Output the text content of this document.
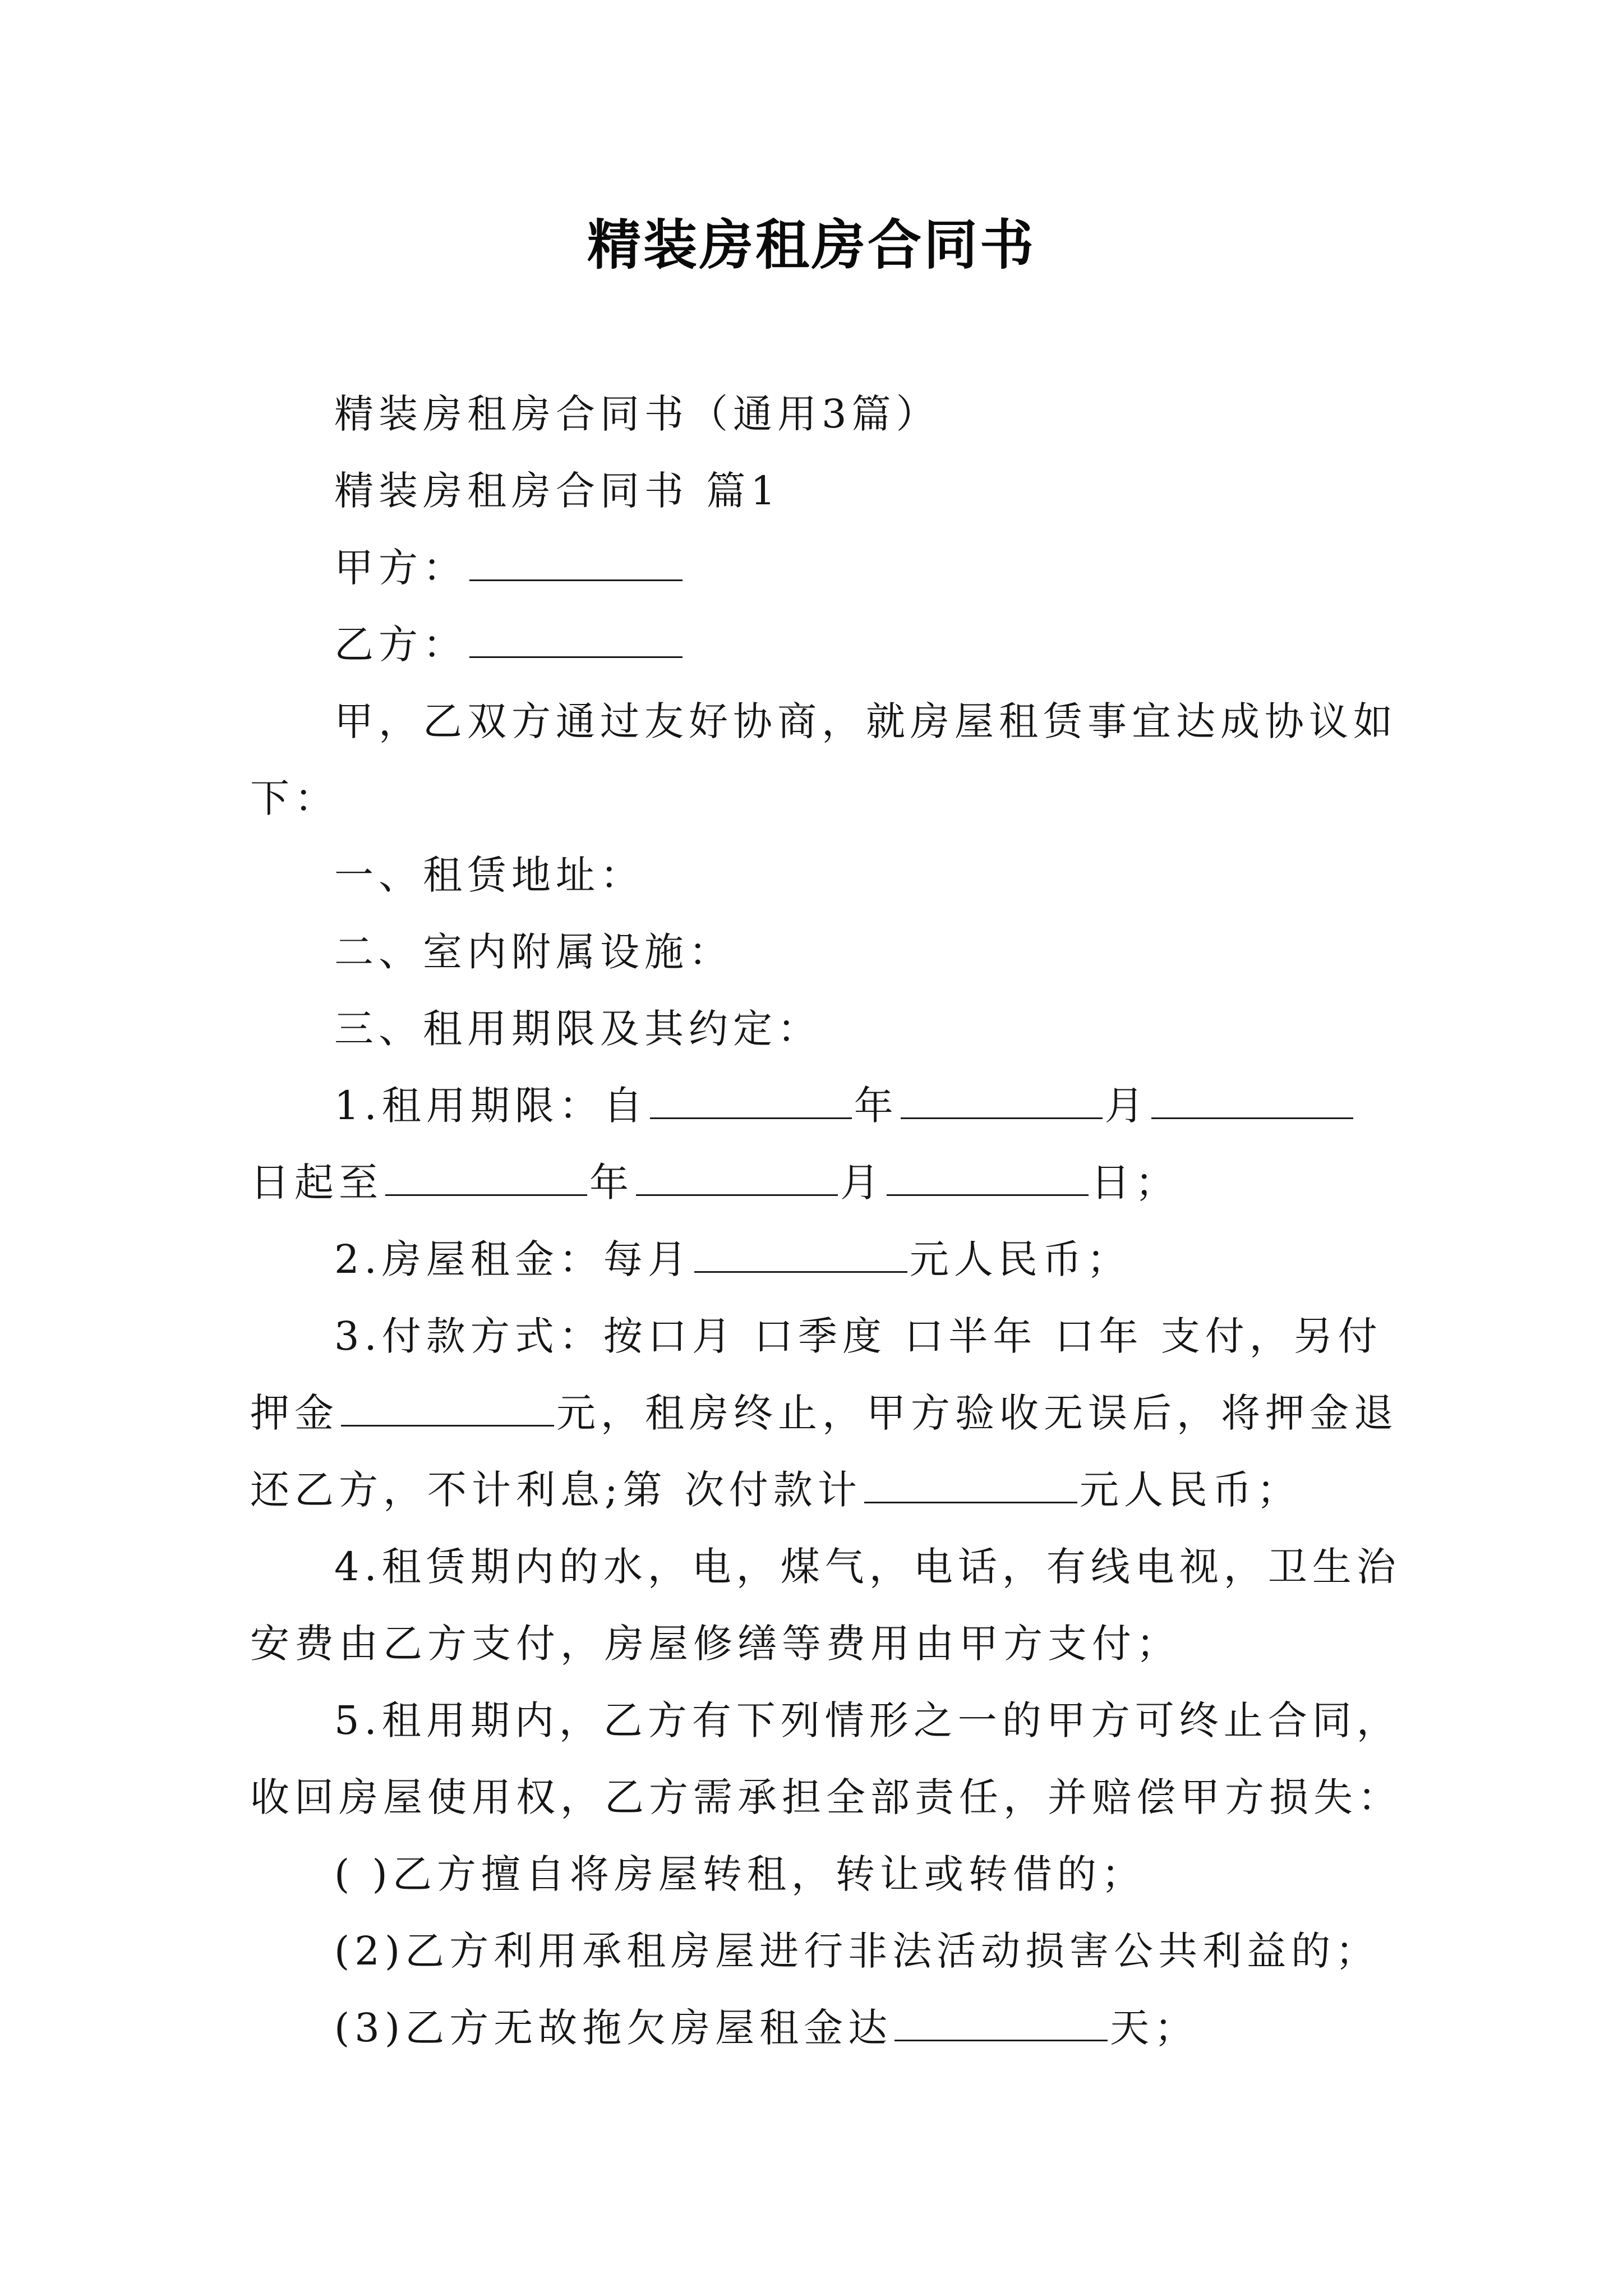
精装房租房合同书
精装房租房合同书（通用3篇）
精装房租房合同书 篇1
甲方：
乙方：
甲，乙双方通过友好协商，就房屋租赁事宜达成协议如
下：
一、租赁地址：
二、室内附属设施：
三、租用期限及其约定：
1.租用期限：自	年	月
日起至	年	月	日；
2.房屋租金：每月	元人民币；
3.付款方式：按口月 口季度 口半年 口年 支付，另付
押金	元，租房终止，甲方验收无误后，将押金退
还乙方，不计利息;第 次付款计	元人民币；
4.租赁期内的水，电，煤气，电话，有线电视，卫生治
安费由乙方支付，房屋修缮等费用由甲方支付；
5.租用期内，乙方有下列情形之一的甲方可终止合同，
收回房屋使用权，乙方需承担全部责任，并赔偿甲方损失：
( )乙方擅自将房屋转租，转让或转借的；
(2)乙方利用承租房屋进行非法活动损害公共利益的；
(3)乙方无故拖欠房屋租金达	天；
